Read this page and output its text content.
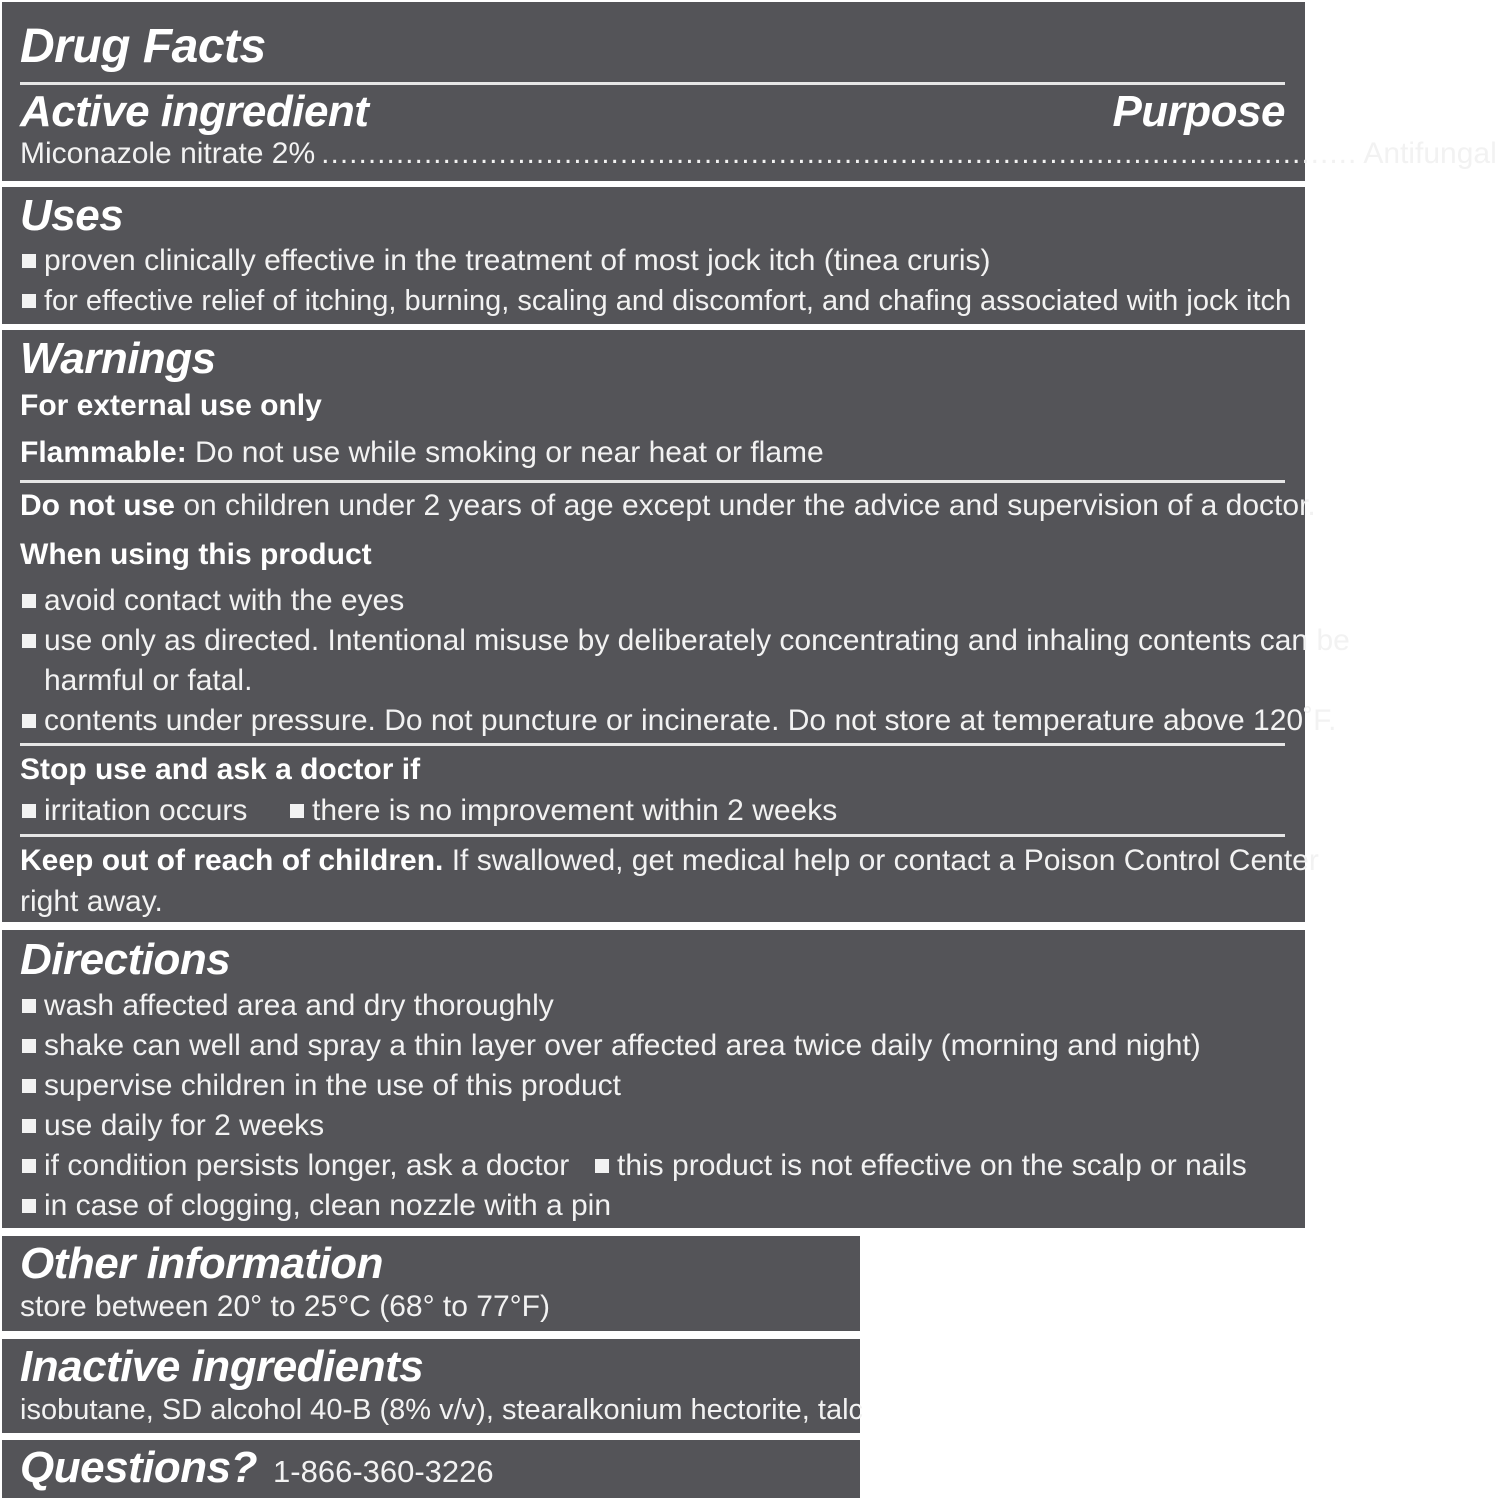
Drug Facts
Active ingredient	Purpose
Miconazole nitrate 2% ............................................................................................................... Antifungal
Uses
proven clinically effective in the treatment of most jock itch (tinea cruris)
for effective relief of itching, burning, scaling and discomfort, and chafing associated with jock itch
Warnings
For external use only
Flammable: Do not use while smoking or near heat or flame
Do not use on children under 2 years of age except under the advice and supervision of a doctor.
When using this product
avoid contact with the eyes
use only as directed. Intentional misuse by deliberately concentrating and inhaling contents can be
harmful or fatal.
contents under pressure. Do not puncture or incinerate. Do not store at temperature above 120˚F.
Stop use and ask a doctor if
irritation occurs there is no improvement within 2 weeks
Keep out of reach of children. If swallowed, get medical help or contact a Poison Control Center
right away.
Directions
wash affected area and dry thoroughly
shake can well and spray a thin layer over affected area twice daily (morning and night)
supervise children in the use of this product
use daily for 2 weeks
if condition persists longer, ask a doctor this product is not effective on the scalp or nails
in case of clogging, clean nozzle with a pin
Other information
store between 20° to 25°C (68° to 77°F)
Inactive ingredients
isobutane, SD alcohol 40-B (8% v/v), stearalkonium hectorite, talc
Questions? 1-866-360-3226
